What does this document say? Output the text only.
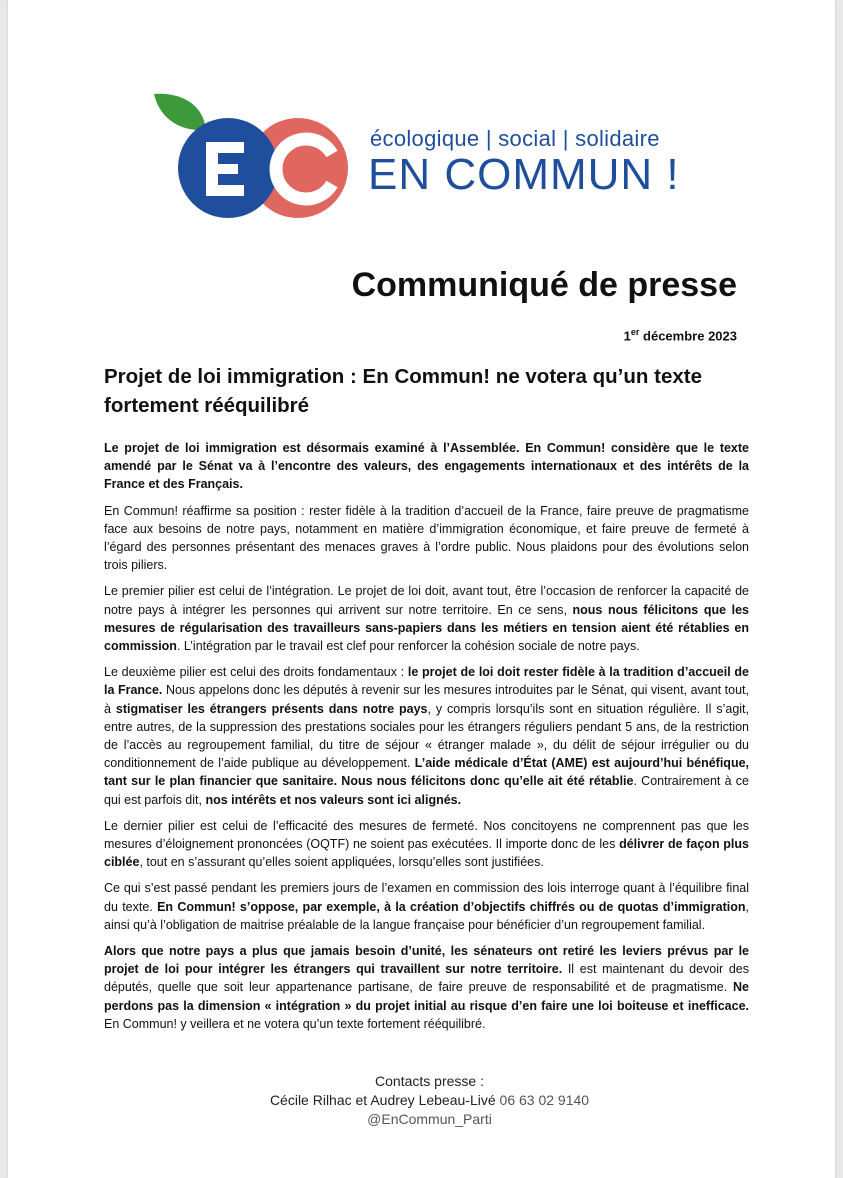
écologique | social | solidaire
EN COMMUN !
Communiqué de presse
1er décembre 2023
Projet de loi immigration : En Commun! ne votera qu’un texte fortement rééquilibré

Le projet de loi immigration est désormais examiné à l’Assemblée. En Commun! considère que le texte amendé par le Sénat va à l’encontre des valeurs, des engagements internationaux et des intérêts de la France et des Français.

En Commun! réaffirme sa position : rester fidèle à la tradition d’accueil de la France, faire preuve de pragmatisme face aux besoins de notre pays, notamment en matière d’immigration économique, et faire preuve de fermeté à l’égard des personnes présentant des menaces graves à l’ordre public. Nous plaidons pour des évolutions selon trois piliers.

Le premier pilier est celui de l’intégration. Le projet de loi doit, avant tout, être l’occasion de renforcer la capacité de notre pays à intégrer les personnes qui arrivent sur notre territoire. En ce sens, nous nous félicitons que les mesures de régularisation des travailleurs sans-papiers dans les métiers en tension aient été rétablies en commission. L’intégration par le travail est clef pour renforcer la cohésion sociale de notre pays.

Le deuxième pilier est celui des droits fondamentaux : le projet de loi doit rester fidèle à la tradition d’accueil de la France. Nous appelons donc les députés à revenir sur les mesures introduites par le Sénat, qui visent, avant tout, à stigmatiser les étrangers présents dans notre pays, y compris lorsqu’ils sont en situation régulière. Il s’agit, entre autres, de la suppression des prestations sociales pour les étrangers réguliers pendant 5 ans, de la restriction de l’accès au regroupement familial, du titre de séjour « étranger malade », du délit de séjour irrégulier ou du conditionnement de l’aide publique au développement. L’aide médicale d’État (AME) est aujourd’hui bénéfique, tant sur le plan financier que sanitaire. Nous nous félicitons donc qu’elle ait été rétablie. Contrairement à ce qui est parfois dit, nos intérêts et nos valeurs sont ici alignés.

Le dernier pilier est celui de l’efficacité des mesures de fermeté. Nos concitoyens ne comprennent pas que les mesures d’éloignement prononcées (OQTF) ne soient pas exécutées. Il importe donc de les délivrer de façon plus ciblée, tout en s’assurant qu’elles soient appliquées, lorsqu’elles sont justifiées.

Ce qui s’est passé pendant les premiers jours de l’examen en commission des lois interroge quant à l’équilibre final du texte. En Commun! s’oppose, par exemple, à la création d’objectifs chiffrés ou de quotas d’immigration, ainsi qu’à l’obligation de maitrise préalable de la langue française pour bénéficier d’un regroupement familial.

Alors que notre pays a plus que jamais besoin d’unité, les sénateurs ont retiré les leviers prévus par le projet de loi pour intégrer les étrangers qui travaillent sur notre territoire. Il est maintenant du devoir des députés, quelle que soit leur appartenance partisane, de faire preuve de responsabilité et de pragmatisme. Ne perdons pas la dimension « intégration » du projet initial au risque d’en faire une loi boiteuse et inefficace. En Commun! y veillera et ne votera qu’un texte fortement rééquilibré.

Contacts presse :
Cécile Rilhac et Audrey Lebeau-Livé 06 63 02 9140
@EnCommun_Parti
